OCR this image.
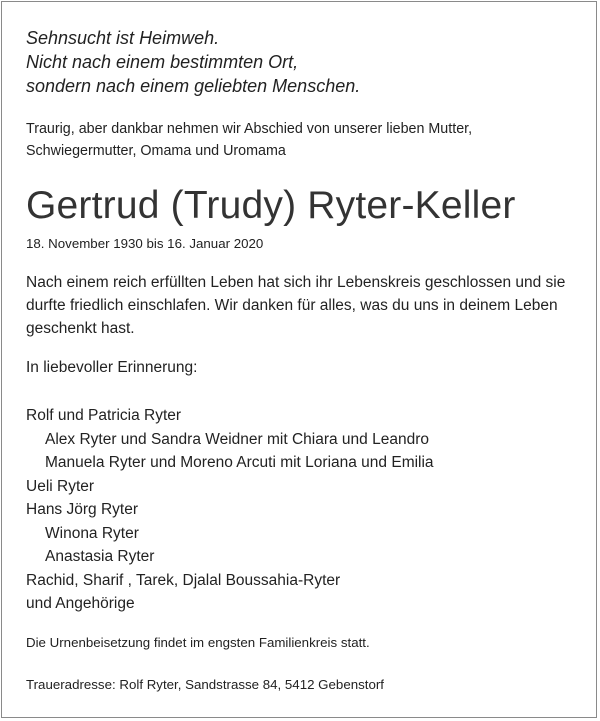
Sehnsucht ist Heimweh.
Nicht nach einem bestimmten Ort,
sondern nach einem geliebten Menschen.
Traurig, aber dankbar nehmen wir Abschied von unserer lieben Mutter,
Schwiegermutter, Omama und Uromama
Gertrud (Trudy) Ryter-Keller
18. November 1930 bis 16. Januar 2020
Nach einem reich erfüllten Leben hat sich ihr Lebenskreis geschlossen und sie
durfte friedlich einschlafen. Wir danken für alles, was du uns in deinem Leben
geschenkt hast.
In liebevoller Erinnerung:
Rolf und Patricia Ryter
Alex Ryter und Sandra Weidner mit Chiara und Leandro
Manuela Ryter und Moreno Arcuti mit Loriana und Emilia
Ueli Ryter
Hans Jörg Ryter
Winona Ryter
Anastasia Ryter
Rachid, Sharif , Tarek, Djalal Boussahia-Ryter
und Angehörige
Die Urnenbeisetzung findet im engsten Familienkreis statt.
Traueradresse: Rolf Ryter, Sandstrasse 84, 5412 Gebenstorf
